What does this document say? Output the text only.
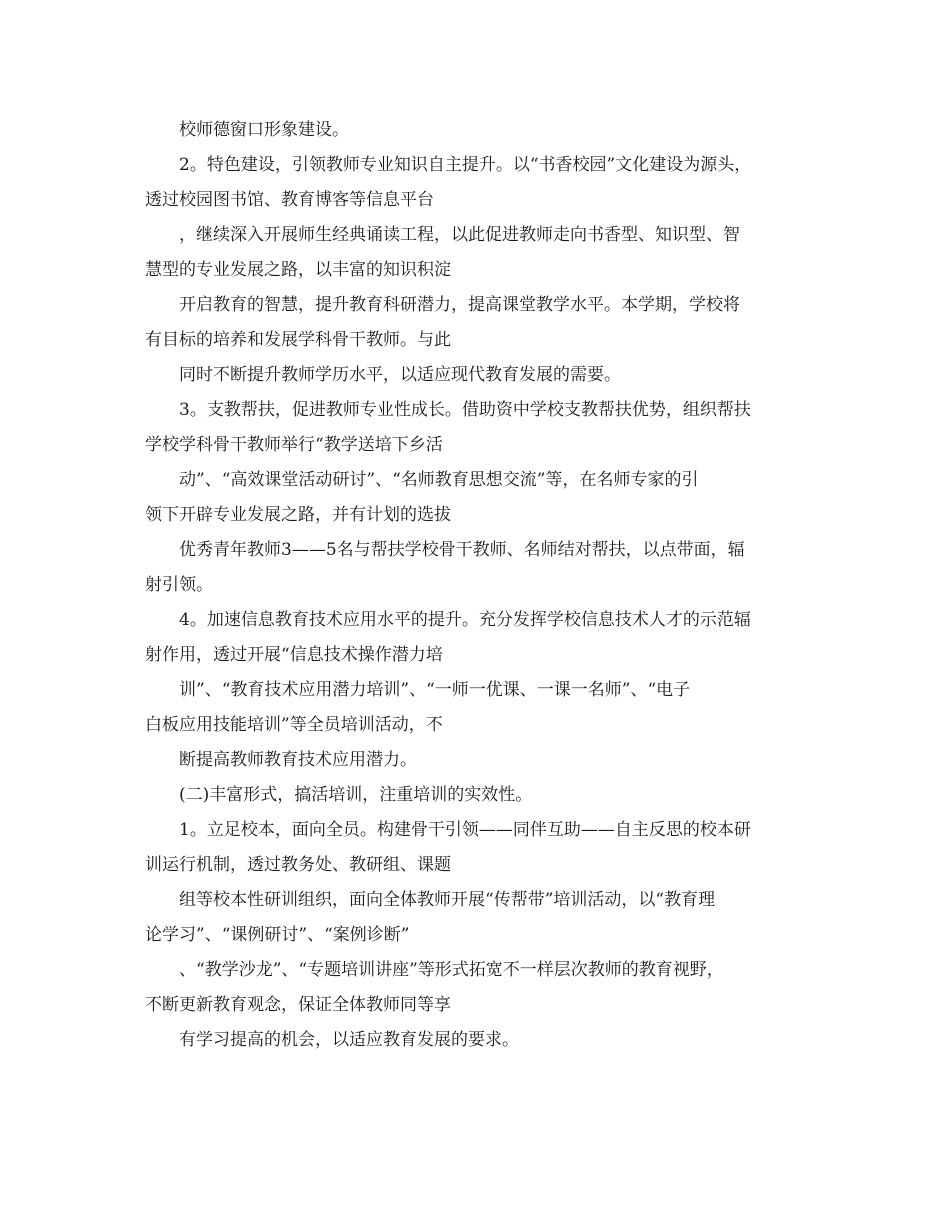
校师德窗口形象建设。
2。特色建设，引领教师专业知识自主提升。以“书香校园”文化建设为源头，
透过校园图书馆、教育博客等信息平台
，继续深入开展师生经典诵读工程，以此促进教师走向书香型、知识型、智
慧型的专业发展之路，以丰富的知识积淀
开启教育的智慧，提升教育科研潜力，提高课堂教学水平。本学期，学校将
有目标的培养和发展学科骨干教师。与此
同时不断提升教师学历水平，以适应现代教育发展的需要。
3。支教帮扶，促进教师专业性成长。借助资中学校支教帮扶优势，组织帮扶
学校学科骨干教师举行“教学送培下乡活
动”、“高效课堂活动研讨”、“名师教育思想交流”等，在名师专家的引
领下开辟专业发展之路，并有计划的选拔
优秀青年教师3——5名与帮扶学校骨干教师、名师结对帮扶，以点带面，辐
射引领。
4。加速信息教育技术应用水平的提升。充分发挥学校信息技术人才的示范辐
射作用，透过开展“信息技术操作潜力培
训”、“教育技术应用潜力培训”、“一师一优课、一课一名师”、“电子
白板应用技能培训”等全员培训活动，不
断提高教师教育技术应用潜力。
(二)丰富形式，搞活培训，注重培训的实效性。
1。立足校本，面向全员。构建骨干引领——同伴互助——自主反思的校本研
训运行机制，透过教务处、教研组、课题
组等校本性研训组织，面向全体教师开展“传帮带”培训活动，以“教育理
论学习”、“课例研讨”、“案例诊断”
、“教学沙龙”、“专题培训讲座”等形式拓宽不一样层次教师的教育视野，
不断更新教育观念，保证全体教师同等享
有学习提高的机会，以适应教育发展的要求。
